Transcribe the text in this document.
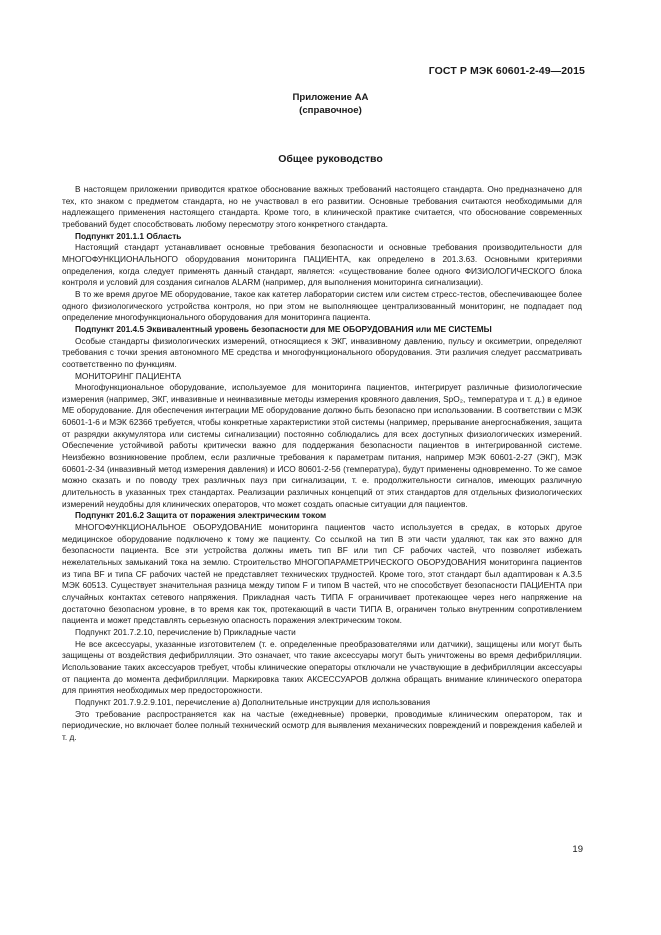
ГОСТ Р МЭК 60601-2-49—2015
Приложение АА
(справочное)
Общее руководство

В настоящем приложении приводится краткое обоснование важных требований настоящего стандарта. Оно предназначено для тех, кто знаком с предметом стандарта, но не участвовал в его развитии. Основные требования считаются необходимыми для надлежащего применения настоящего стандарта. Кроме того, в клинической практике считается, что обоснование современных требований будет способствовать любому пересмотру этого конкретного стандарта.

Подпункт 201.1.1 Область

Настоящий стандарт устанавливает основные требования безопасности и основные требования производительности для МНОГОФУНКЦИОНАЛЬНОГО оборудования мониторинга ПАЦИЕНТА, как определено в 201.3.63. Основными критериями определения, когда следует применять данный стандарт, является: «существование более одного ФИЗИОЛОГИЧЕСКОГО блока контроля и условий для создания сигналов ALARM (например, для выполнения мониторинга сигнализации).

В то же время другое МЕ оборудование, такое как катетер лаборатории систем или систем стресс-тестов, обеспечивающее более одного физиологического устройства контроля, но при этом не выполняющее централизованный мониторинг, не подпадает под определение многофункционального оборудования для мониторинга пациента.

Подпункт 201.4.5 Эквивалентный уровень безопасности для МЕ ОБОРУДОВАНИЯ или МЕ СИСТЕМЫ

Особые стандарты физиологических измерений, относящиеся к ЭКГ, инвазивному давлению, пульсу и оксиметрии, определяют требования с точки зрения автономного МЕ средства и многофункционального оборудования. Эти различия следует рассматривать соответственно по функциям.

МОНИТОРИНГ ПАЦИЕНТА

Многофункциональное оборудование, используемое для мониторинга пациентов, интегрирует различные физиологические измерения (например, ЭКГ, инвазивные и неинвазивные методы измерения кровяного давления, SpO₂, температура и т. д.) в единое МЕ оборудование. Для обеспечения интеграции МЕ оборудование должно быть безопасно при использовании. В соответствии с МЭК 60601-1-6 и МЭК 62366 требуется, чтобы конкретные характеристики этой системы (например, прерывание анергоснабжения, защита от разрядки аккумулятора или системы сигнализации) постоянно соблюдались для всех доступных физиологических измерений. Обеспечение устойчивой работы критически важно для поддержания безопасности пациентов в интегрированной системе. Неизбежно возникновение проблем, если различные требования к параметрам питания, например МЭК 60601-2-27 (ЭКГ), МЭК 60601-2-34 (инвазивный метод измерения давления) и ИСО 80601-2-56 (температура), будут применены одновременно. То же самое можно сказать и по поводу трех различных пауз при сигнализации, т. е. продолжительности сигналов, имеющих различную длительность в указанных трех стандартах. Реализации различных концепций от этих стандартов для отдельных физиологических измерений неудобны для клинических операторов, что может создать опасные ситуации для пациентов.

Подпункт 201.6.2 Защита от поражения электрическим током

МНОГОФУНКЦИОНАЛЬНОЕ ОБОРУДОВАНИЕ мониторинга пациентов часто используется в средах, в которых другое медицинское оборудование подключено к тому же пациенту. Со ссылкой на тип В эти части удаляют, так как это важно для безопасности пациента. Все эти устройства должны иметь тип BF или тип CF рабочих частей, что позволяет избежать нежелательных замыканий тока на землю. Строительство МНОГОПАРАМЕТРИЧЕСКОГО ОБОРУДОВАНИЯ мониторинга пациентов из типа BF и типа CF рабочих частей не представляет технических трудностей. Кроме того, этот стандарт был адаптирован к А.3.5 МЭК 60513. Существует значительная разница между типом F и типом В частей, что не способствует безопасности ПАЦИЕНТА при случайных контактах сетевого напряжения. Прикладная часть ТИПА F ограничивает протекающее через него напряжение на достаточно безопасном уровне, в то время как ток, протекающий в части ТИПА В, ограничен только внутренним сопротивлением пациента и может представлять серьезную опасность поражения электрическим током.

Подпункт 201.7.2.10, перечисление b) Прикладные части

Не все аксессуары, указанные изготовителем (т. е. определенные преобразователями или датчики), защищены или могут быть защищены от воздействия дефибрилляции. Это означает, что такие аксессуары могут быть уничтожены во время дефибрилляции. Использование таких аксессуаров требует, чтобы клинические операторы отключали не участвующие в дефибрилляции аксессуары от пациента до момента дефибрилляции. Маркировка таких АКСЕССУАРОВ должна обращать внимание клинического оператора для принятия необходимых мер предосторожности.

Подпункт 201.7.9.2.9.101, перечисление а) Дополнительные инструкции для использования

Это требование распространяется как на частые (ежедневные) проверки, проводимые клиническим оператором, так и периодические, но включает более полный технический осмотр для выявления механических повреждений и повреждения кабелей и т. д.

19
